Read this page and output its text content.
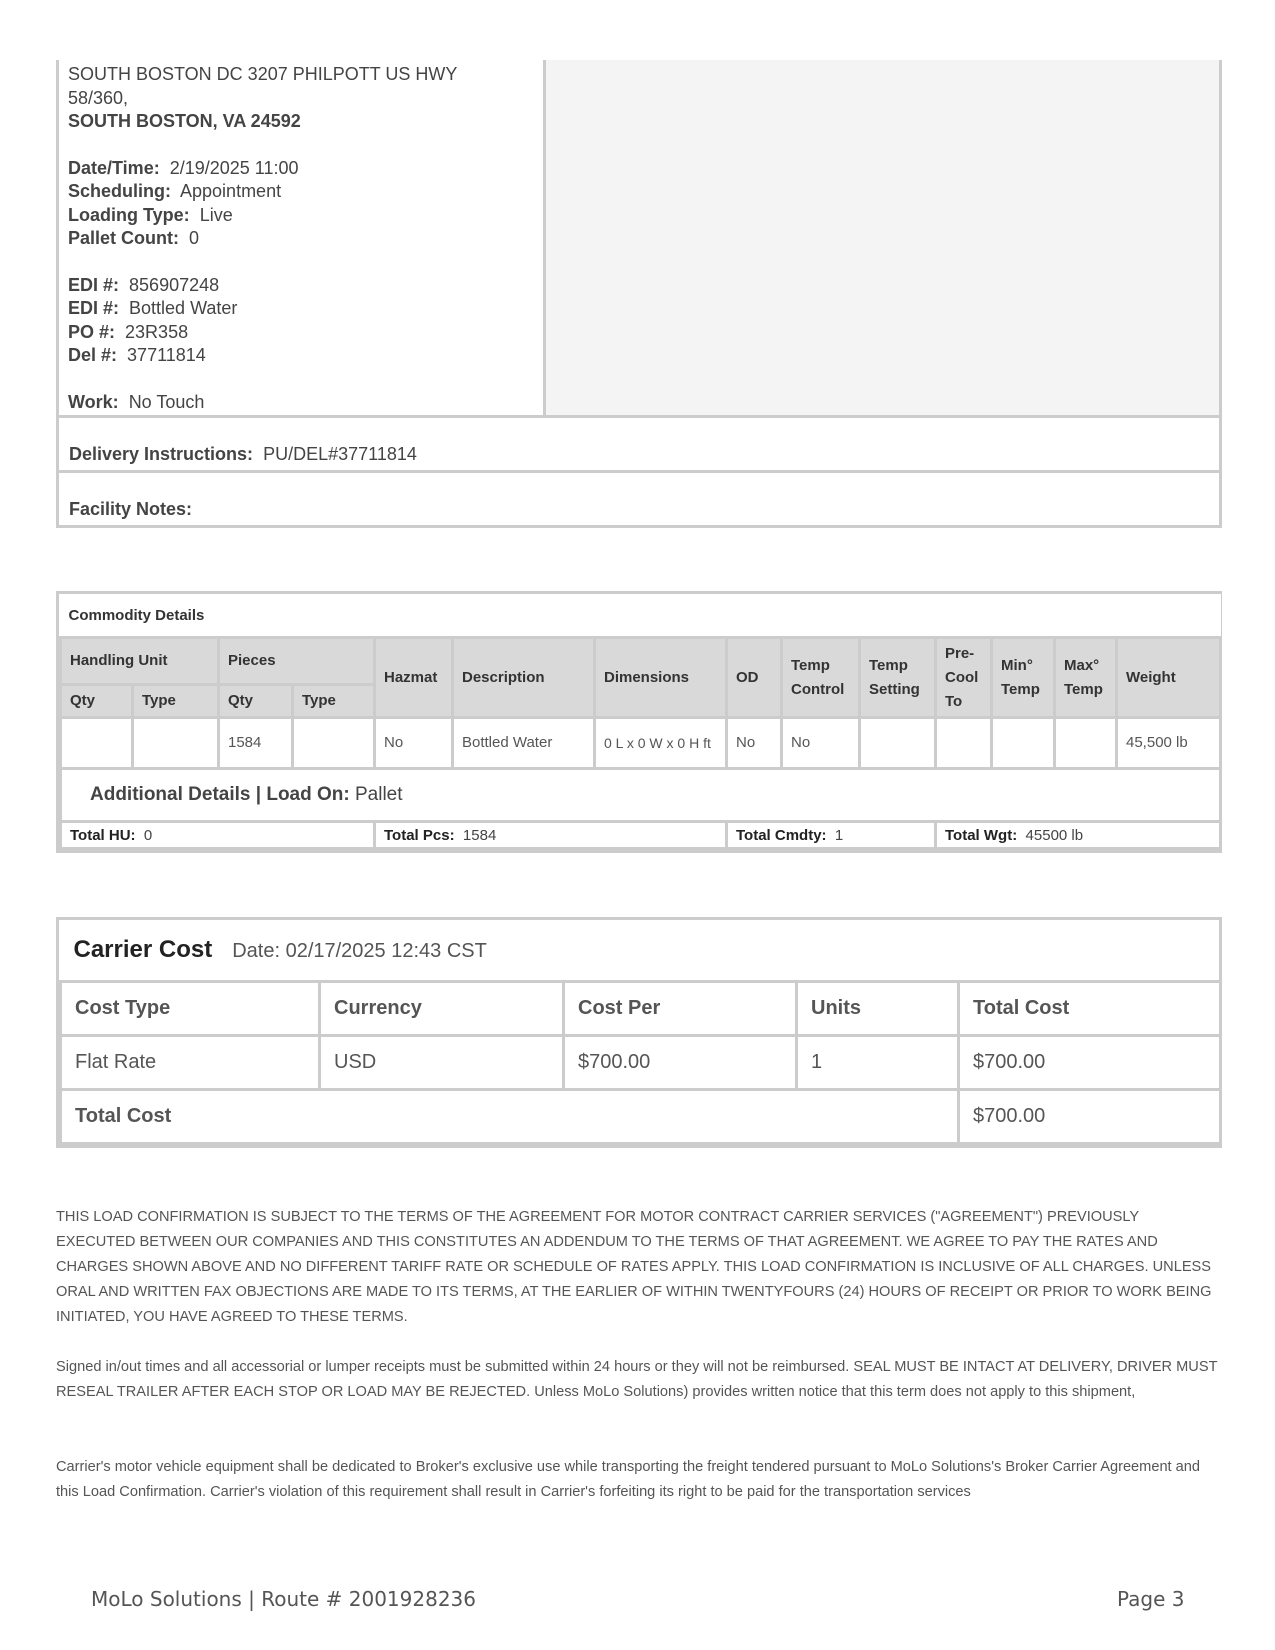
SOUTH BOSTON DC 3207 PHILPOTT US HWY
58/360,
SOUTH BOSTON, VA 24592
Date/Time: 2/19/2025 11:00
Scheduling: Appointment
Loading Type: Live
Pallet Count: 0
EDI #: 856907248
EDI #: Bottled Water
PO #: 23R358
Del #: 37711814
Work: No Touch
Delivery Instructions: PU/DEL#37711814
Facility Notes:
Commodity Details													
Handling Unit		Pieces		Hazmat	Description	Dimensions	OD	Temp Control	Temp Setting	Pre-Cool To	Min° Temp	Max° Temp	Weight
Qty	Type	Qty	Type										
		1584		No	Bottled Water	0 L x 0 W x 0 H ft	No	No					45,500 lb
Additional Details | Load On: Pallet													
Total HU: 0				Total Pcs: 1584			Total Cmdty: 1			Total Wgt: 45500 lb			
Carrier Cost Date: 02/17/2025 12:43 CST				
Cost Type	Currency	Cost Per	Units	Total Cost
Flat Rate	USD	$700.00	1	$700.00
Total Cost				$700.00
THIS LOAD CONFIRMATION IS SUBJECT TO THE TERMS OF THE AGREEMENT FOR MOTOR CONTRACT CARRIER SERVICES ("AGREEMENT") PREVIOUSLY EXECUTED BETWEEN OUR COMPANIES AND THIS CONSTITUTES AN ADDENDUM TO THE TERMS OF THAT AGREEMENT. WE AGREE TO PAY THE RATES AND CHARGES SHOWN ABOVE AND NO DIFFERENT TARIFF RATE OR SCHEDULE OF RATES APPLY. THIS LOAD CONFIRMATION IS INCLUSIVE OF ALL CHARGES. UNLESS ORAL AND WRITTEN FAX OBJECTIONS ARE MADE TO ITS TERMS, AT THE EARLIER OF WITHIN TWENTYFOURS (24) HOURS OF RECEIPT OR PRIOR TO WORK BEING INITIATED, YOU HAVE AGREED TO THESE TERMS.
Signed in/out times and all accessorial or lumper receipts must be submitted within 24 hours or they will not be reimbursed. SEAL MUST BE INTACT AT DELIVERY, DRIVER MUST RESEAL TRAILER AFTER EACH STOP OR LOAD MAY BE REJECTED. Unless MoLo Solutions) provides written notice that this term does not apply to this shipment,
Carrier's motor vehicle equipment shall be dedicated to Broker's exclusive use while transporting the freight tendered pursuant to MoLo Solutions's Broker Carrier Agreement and this Load Confirmation. Carrier's violation of this requirement shall result in Carrier's forfeiting its right to be paid for the transportation services
MoLo Solutions | Route # 2001928236	Page 3
